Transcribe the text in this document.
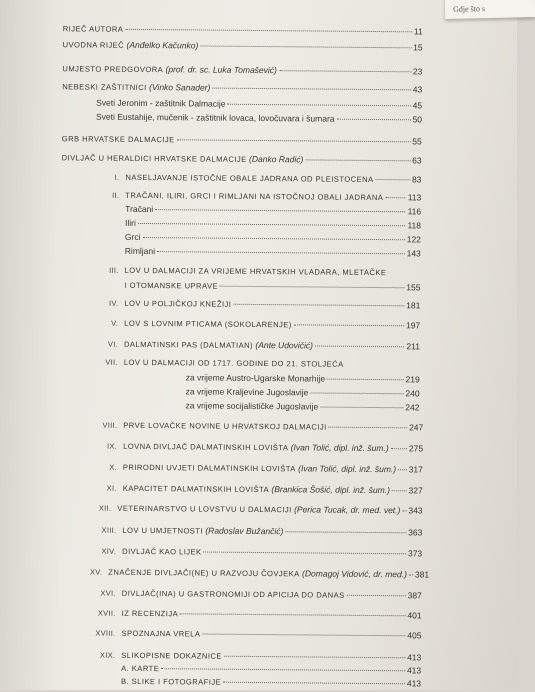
Gdje što s
RIJEČ AUTORA	11
UVODNA RIJEČ (Anđelko Kačunko)	15
UMJESTO PREDGOVORA (prof. dr. sc. Luka Tomašević)	23
NEBESKI ZAŠTITNICI (Vinko Sanader)	43
Sveti Jeronim - zaštitnik Dalmacije	45
Sveti Eustahije, mučenik - zaštitnik lovaca, lovočuvara i šumara	50
GRB HRVATSKE DALMACIJE	55
DIVLJAČ U HERALDICI HRVATSKE DALMACIJE (Danko Radić)	63
I. NASELJAVANJE ISTOČNE OBALE JADRANA OD PLEISTOCENA	83
II. TRAČANI, ILIRI, GRCI I RIMLJANI NA ISTOČNOJ OBALI JADRANA	113
Tračani	116
Iliri	118
Grci	122
Rimljani	143
III. LOV U DALMACIJI ZA VRIJEME HRVATSKIH VLADARA, MLETAČKE
I OTOMANSKE UPRAVE	155
IV. LOV U POLJIČKOJ KNEŽIJI	181
V. LOV S LOVNIM PTICAMA (SOKOLARENJE)	197
VI. DALMATINSKI PAS (DALMATIAN) (Ante Udovičić)	211
VII. LOV U DALMACIJI OD 1717. GODINE DO 21. STOLJEĆA
za vrijeme Austro-Ugarske Monarhije	219
za vrijeme Kraljevine Jugoslavije	240
za vrijeme socijalističke Jugoslavije	242
VIII. PRVE LOVAČKE NOVINE U HRVATSKOJ DALMACIJI	247
IX. LOVNA DIVLJAČ DALMATINSKIH LOVIŠTA (Ivan Tolić, dipl. inž. šum.) 275
X. PRIRODNI UVJETI DALMATINSKIH LOVIŠTA (Ivan Tolić, dipl. inž. šum.) 317
XI. KAPACITET DALMATINSKIH LOVIŠTA (Brankica Šošić, dipl. inž. šum.) 327
XII. VETERINARSTVO U LOVSTVU U DALMACIJI (Perica Tucak, dr. med. vet.) 343
XIII. LOV U UMJETNOSTI (Radoslav Bužančić)	363
XIV. DIVLJAČ KAO LIJEK	373
XV. ZNAČENJE DIVLJAČI(NE) U RAZVOJU ČOVJEKA (Domagoj Vidović, dr. med.) 381
XVI. DIVLJAČ(INA) U GASTRONOMIJI OD APICIJA DO DANAS	387
XVII. IZ RECENZIJA	401
XVIII. SPOZNAJNA VRELA	405
XIX. SLIKOPISNE DOKAZNICE	413
A. KARTE	413
B. SLIKE I FOTOGRAFIJE	413
